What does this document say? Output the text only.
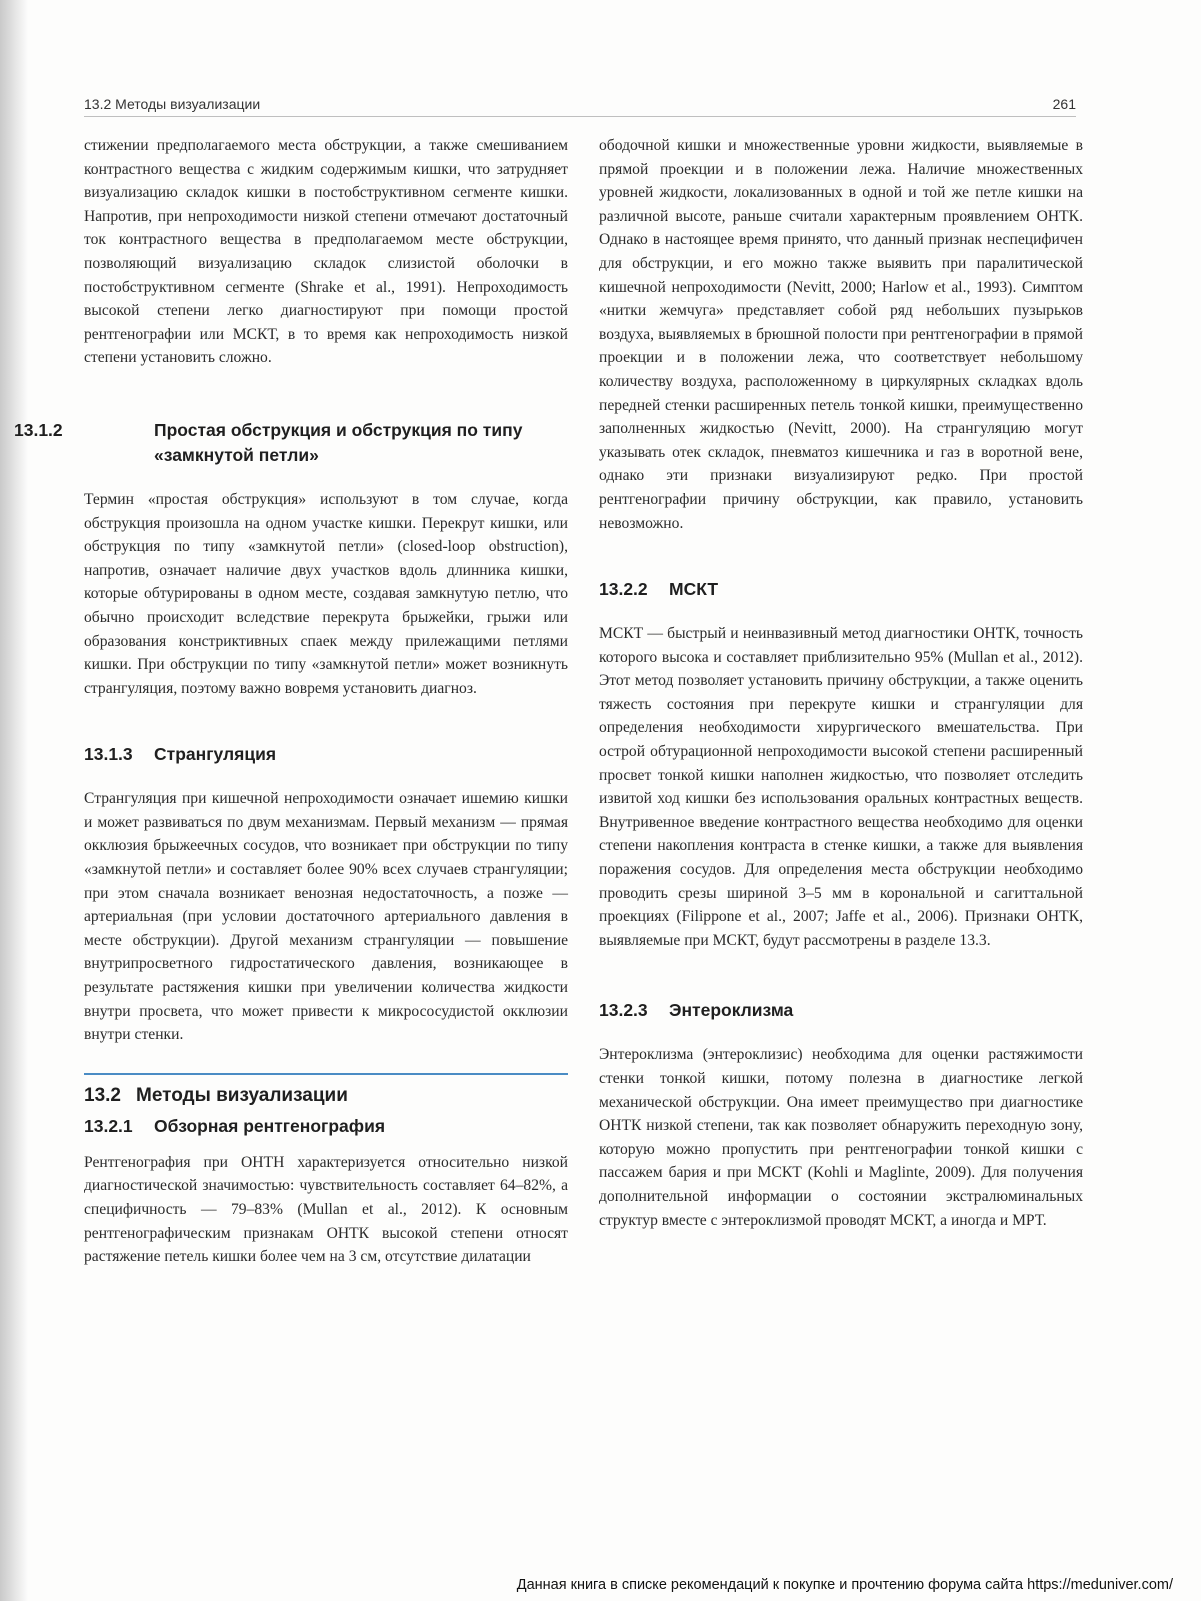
13.2 Методы визуализации	261

стижении предполагаемого места обструкции, а также смешиванием контрастного вещества с жидким содержимым кишки, что затрудняет визуализацию складок кишки в постобструктивном сегменте кишки. Напротив, при непроходимости низкой степени отмечают достаточный ток контрастного вещества в предполагаемом месте обструкции, позволяющий визуализацию складок слизистой оболочки в постобструктивном сегменте (Shrake et al., 1991). Непроходимость высокой степени легко диагностируют при помощи простой рентгенографии или МСКТ, в то время как непроходимость низкой степени установить сложно.

13.1.2	Простая обструкция и обструкция по типу «замкнутой петли»

Термин «простая обструкция» используют в том случае, когда обструкция произошла на одном участке кишки. Перекрут кишки, или обструкция по типу «замкнутой петли» (closed-loop obstruction), напротив, означает наличие двух участков вдоль длинника кишки, которые обтурированы в одном месте, создавая замкнутую петлю, что обычно происходит вследствие перекрута брыжейки, грыжи или образования констриктивных спаек между прилежащими петлями кишки. При обструкции по типу «замкнутой петли» может возникнуть странгуляция, поэтому важно вовремя установить диагноз.

13.1.3 Странгуляция

Странгуляция при кишечной непроходимости означает ишемию кишки и может развиваться по двум механизмам. Первый механизм — прямая окклюзия брыжеечных сосудов, что возникает при обструкции по типу «замкнутой петли» и составляет более 90% всех случаев странгуляции; при этом сначала возникает венозная недостаточность, а позже — артериальная (при условии достаточного артериального давления в месте обструкции). Другой механизм странгуляции — повышение внутрипросветного гидростатического давления, возникающее в результате растяжения кишки при увеличении количества жидкости внутри просвета, что может привести к микрососудистой окклюзии внутри стенки.

13.2 Методы визуализации
13.2.1 Обзорная рентгенография

Рентгенография при ОНТН характеризуется относительно низкой диагностической значимостью: чувствительность составляет 64–82%, а специфичность — 79–83% (Mullan et al., 2012). К основным рентгенографическим признакам ОНТК высокой степени относят растяжение петель кишки более чем на 3 см, отсутствие дилатации

ободочной кишки и множественные уровни жидкости, выявляемые в прямой проекции и в положении лежа. Наличие множественных уровней жидкости, локализованных в одной и той же петле кишки на различной высоте, раньше считали характерным проявлением ОНТК. Однако в настоящее время принято, что данный признак неспецифичен для обструкции, и его можно также выявить при паралитической кишечной непроходимости (Nevitt, 2000; Harlow et al., 1993). Симптом «нитки жемчуга» представляет собой ряд небольших пузырьков воздуха, выявляемых в брюшной полости при рентгенографии в прямой проекции и в положении лежа, что соответствует небольшому количеству воздуха, расположенному в циркулярных складках вдоль передней стенки расширенных петель тонкой кишки, преимущественно заполненных жидкостью (Nevitt, 2000). На странгуляцию могут указывать отек складок, пневматоз кишечника и газ в воротной вене, однако эти признаки визуализируют редко. При простой рентгенографии причину обструкции, как правило, установить невозможно.

13.2.2 МСКТ

МСКТ — быстрый и неинвазивный метод диагностики ОНТК, точность которого высока и составляет приблизительно 95% (Mullan et al., 2012). Этот метод позволяет установить причину обструкции, а также оценить тяжесть состояния при перекруте кишки и странгуляции для определения необходимости хирургического вмешательства. При острой обтурационной непроходимости высокой степени расширенный просвет тонкой кишки наполнен жидкостью, что позволяет отследить извитой ход кишки без использования оральных контрастных веществ. Внутривенное введение контрастного вещества необходимо для оценки степени накопления контраста в стенке кишки, а также для выявления поражения сосудов. Для определения места обструкции необходимо проводить срезы шириной 3–5 мм в корональной и сагиттальной проекциях (Filippone et al., 2007; Jaffe et al., 2006). Признаки ОНТК, выявляемые при МСКТ, будут рассмотрены в разделе 13.3.

13.2.3 Энтероклизма

Энтероклизма (энтероклизис) необходима для оценки растяжимости стенки тонкой кишки, потому полезна в диагностике легкой механической обструкции. Она имеет преимущество при диагностике ОНТК низкой степени, так как позволяет обнаружить переходную зону, которую можно пропустить при рентгенографии тонкой кишки с пассажем бария и при МСКТ (Kohli и Maglinte, 2009). Для получения дополнительной информации о состоянии экстралюминальных структур вместе с энтероклизмой проводят МСКТ, а иногда и МРТ.

Данная книга в списке рекомендаций к покупке и прочтению форума сайта https://meduniver.com/
